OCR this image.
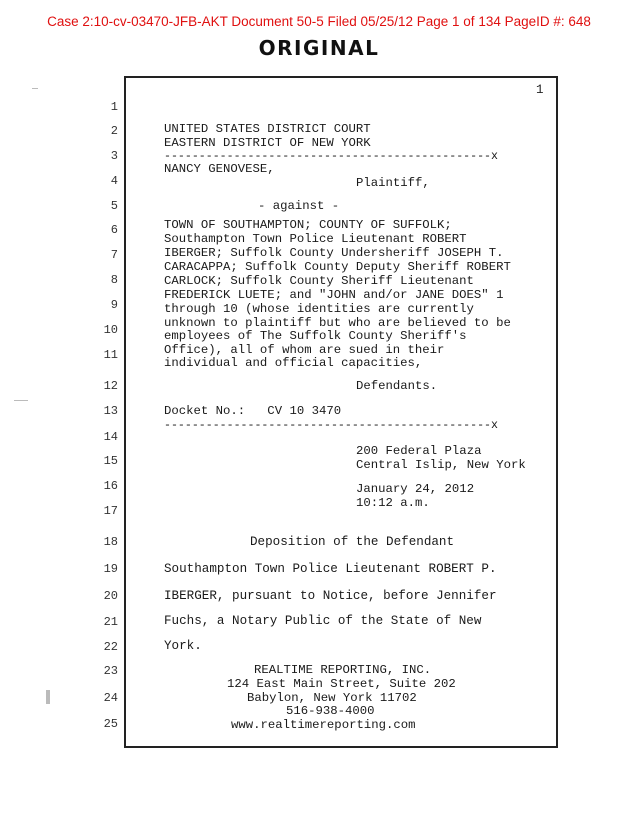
Case 2:10-cv-03470-JFB-AKT Document 50-5 Filed 05/25/12 Page 1 of 134 PageID #: 648
ORIGINAL
1
1
2
3
4
5
6
7
8
9
10
11
12
13
14
15
16
17
18
19
20
21
22
23
24
25
UNITED STATES DISTRICT COURT
EASTERN DISTRICT OF NEW YORK
-----------------------------------------------x
NANCY GENOVESE,
Plaintiff,
- against -
TOWN OF SOUTHAMPTON; COUNTY OF SUFFOLK;
Southampton Town Police Lieutenant ROBERT
IBERGER; Suffolk County Undersheriff JOSEPH T.
CARACAPPA; Suffolk County Deputy Sheriff ROBERT
CARLOCK; Suffolk County Sheriff Lieutenant
FREDERICK LUETE; and "JOHN and/or JANE DOES" 1
through 10 (whose identities are currently
unknown to plaintiff but who are believed to be
employees of The Suffolk County Sheriff's
Office), all of whom are sued in their
individual and official capacities,
Defendants.
Docket No.:   CV 10 3470
-----------------------------------------------x
200 Federal Plaza
Central Islip, New York
January 24, 2012
10:12 a.m.
Deposition of the Defendant
Southampton Town Police Lieutenant ROBERT P.
IBERGER, pursuant to Notice, before Jennifer
Fuchs, a Notary Public of the State of New
York.
REALTIME REPORTING, INC.
124 East Main Street, Suite 202
Babylon, New York 11702
516-938-4000
www.realtimereporting.com
